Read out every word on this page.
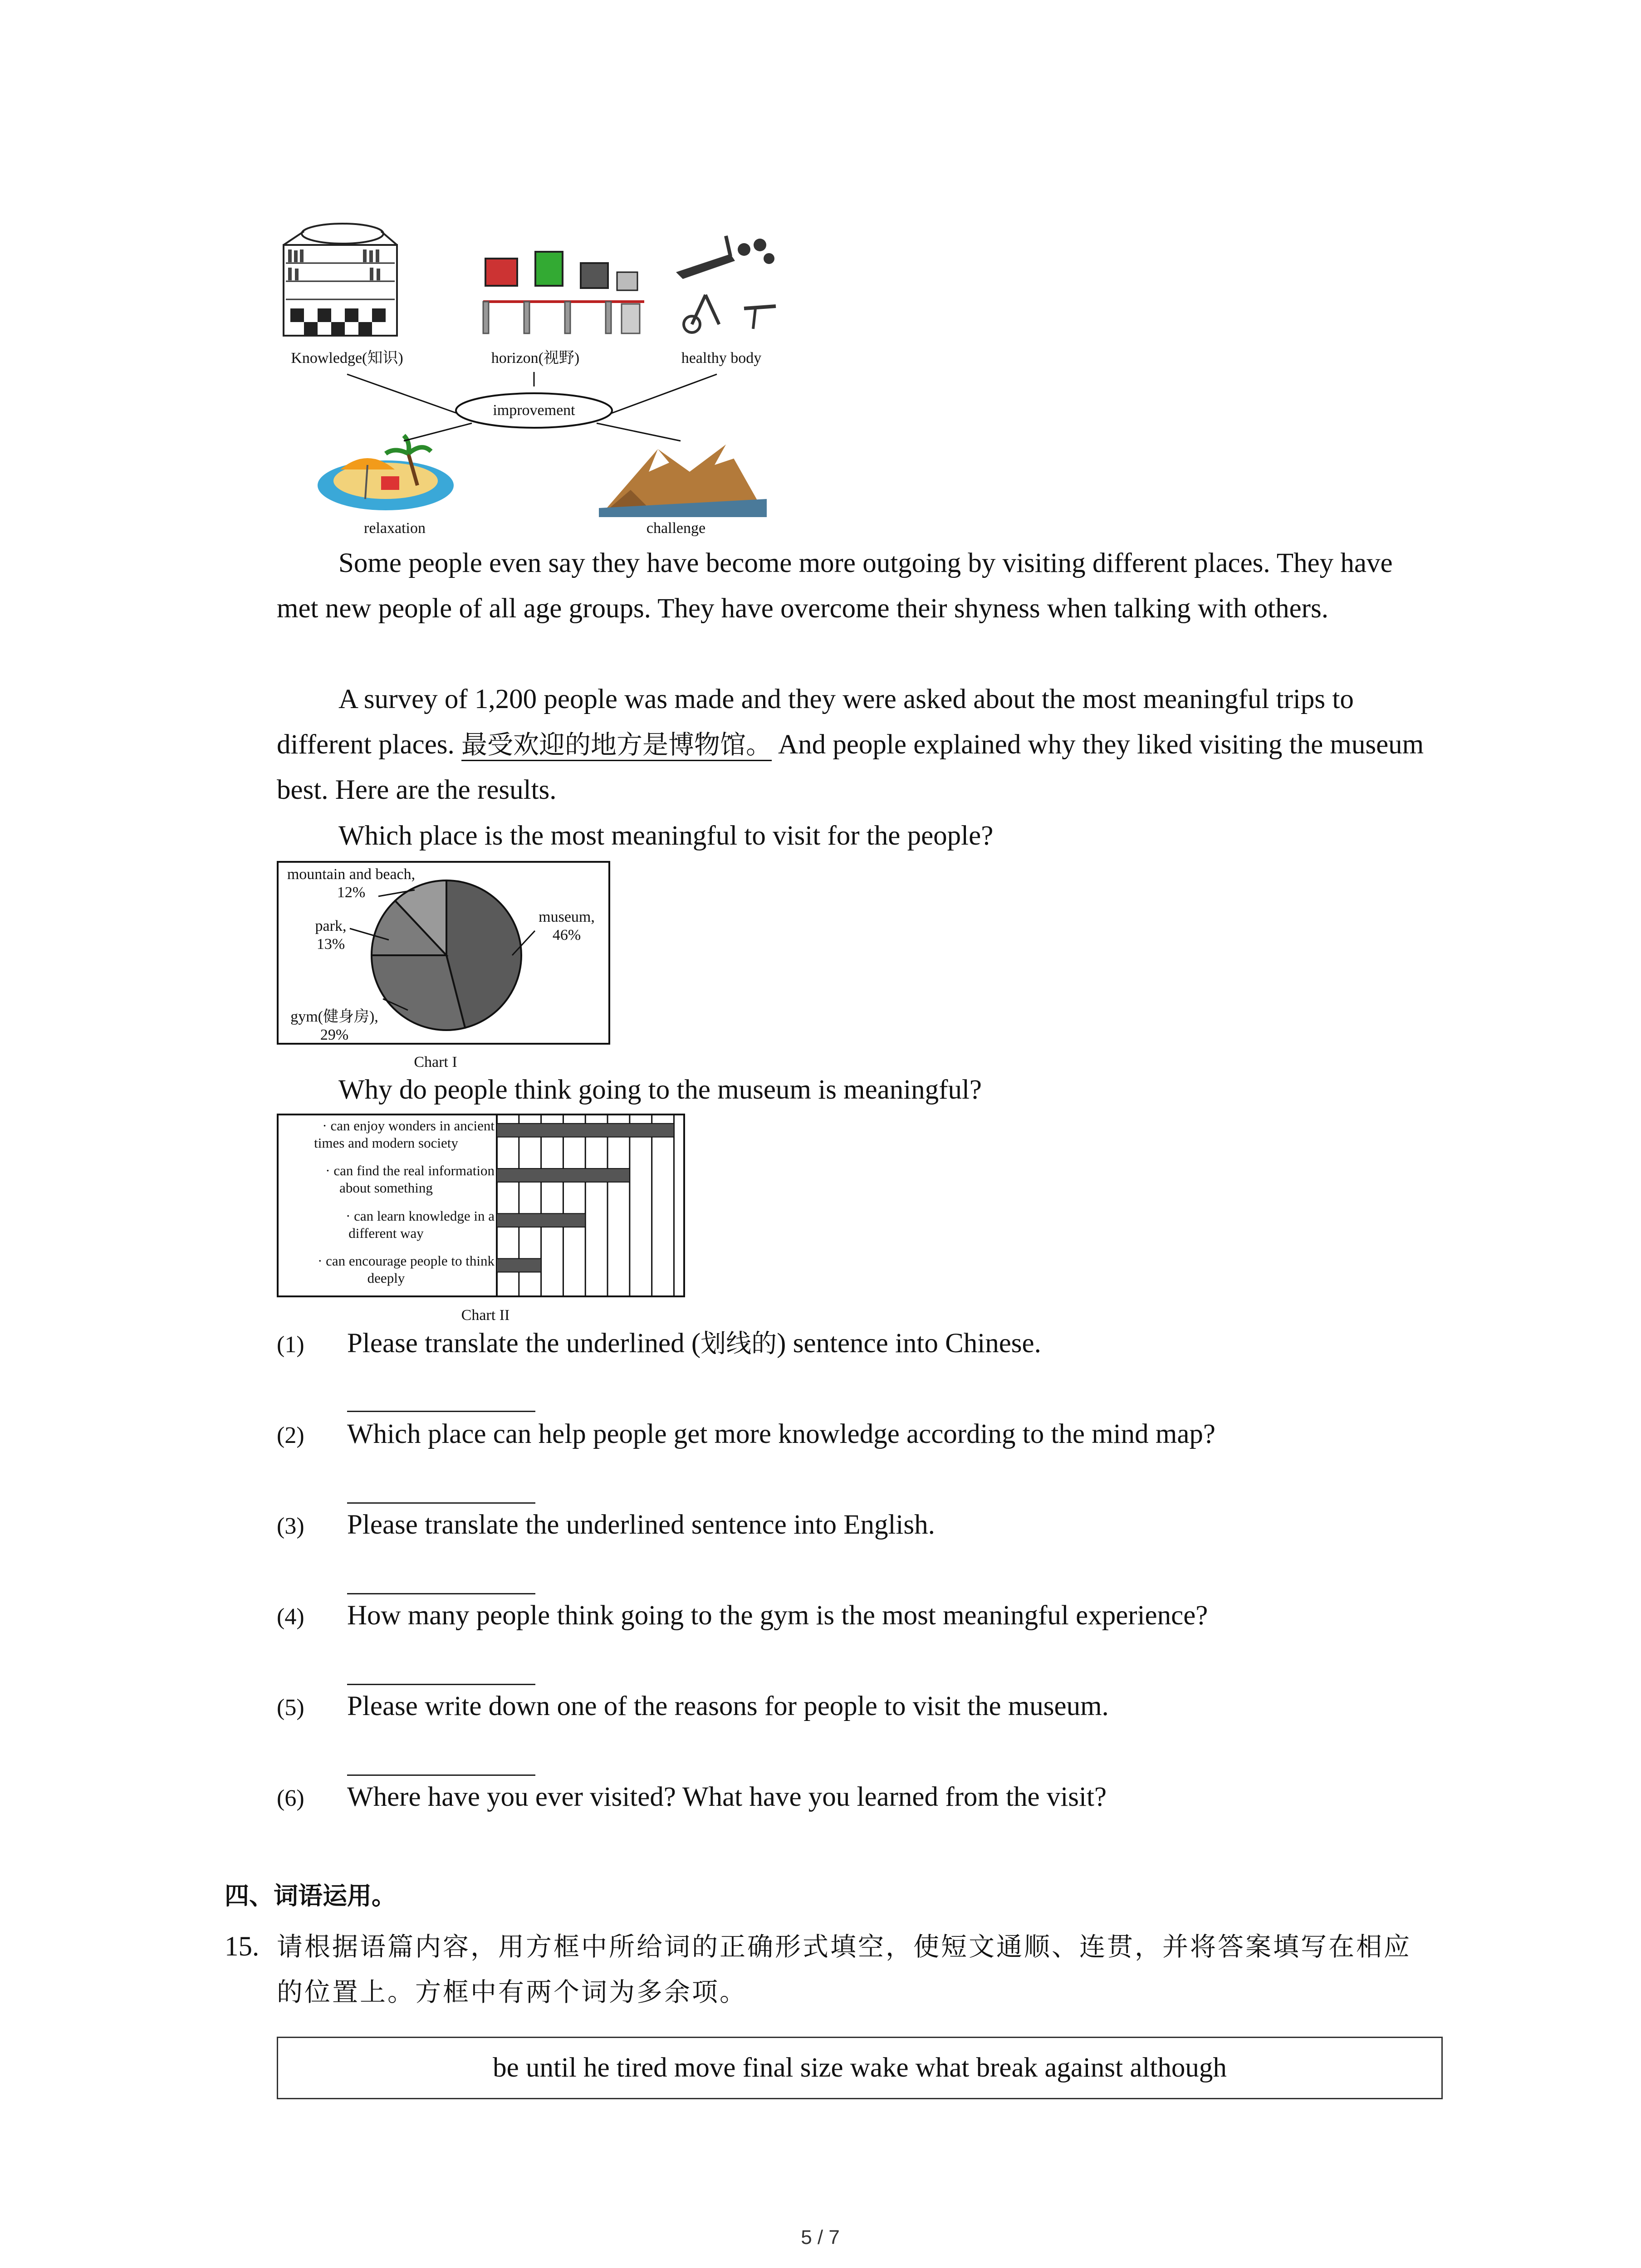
Knowledge(知识)	horizon(视野)	healthy body
improvement
relaxation	challenge
Some people even say they have become more outgoing by visiting different places. They have met new people of all age groups. They have overcome their shyness when talking with others.
A survey of 1,200 people was made and they were asked about the most meaningful trips to different places. 最受欢迎的地方是博物馆。 And people explained why they liked visiting the museum best. Here are the results.
Which place is the most meaningful to visit for the people?
mountain and beach,
12%
park,
13%
museum,
46%
gym(健身房),
29%
Chart I
Why do people think going to the museum is meaningful?
· can enjoy wonders in ancient
times and modern society
· can find the real information
about something
· can learn knowledge in a
different way
· can encourage people to think
deeply
Chart II
(1) Please translate the underlined (划线的) sentence into Chinese.
(2) Which place can help people get more knowledge according to the mind map?
(3) Please translate the underlined sentence into English.
(4) How many people think going to the gym is the most meaningful experience?
(5) Please write down one of the reasons for people to visit the museum.
(6) Where have you ever visited? What have you learned from the visit?
四、词语运用。
15. 请根据语篇内容，用方框中所给词的正确形式填空，使短文通顺、连贯，并将答案填写在相应的位置上。方框中有两个词为多余项。
be until he tired move final size wake what break against although
5 / 7
